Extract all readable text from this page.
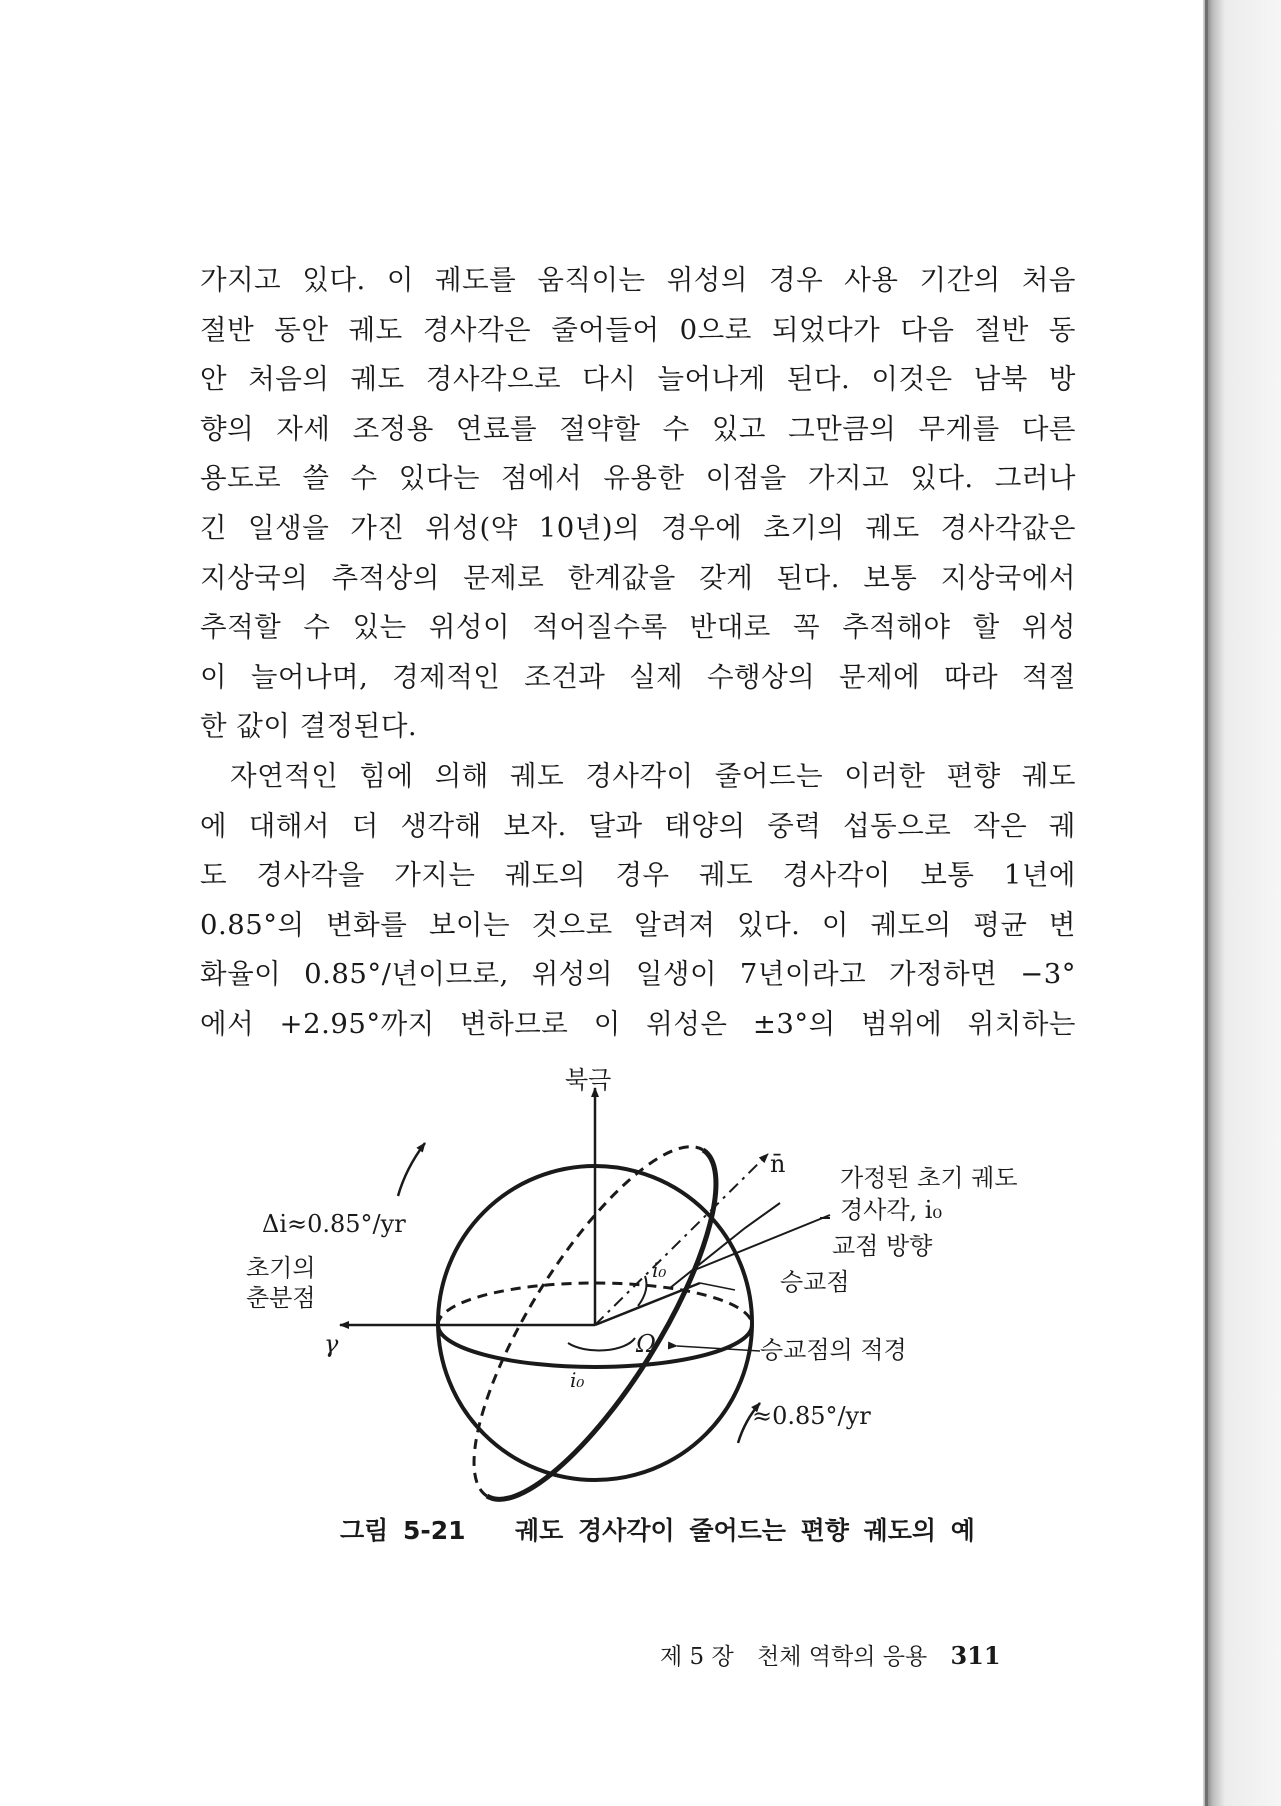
가지고 있다. 이 궤도를 움직이는 위성의 경우 사용 기간의 처음
절반 동안 궤도 경사각은 줄어들어 0으로 되었다가 다음 절반 동
안 처음의 궤도 경사각으로 다시 늘어나게 된다. 이것은 남북 방
향의 자세 조정용 연료를 절약할 수 있고 그만큼의 무게를 다른
용도로 쓸 수 있다는 점에서 유용한 이점을 가지고 있다. 그러나
긴 일생을 가진 위성(약 10년)의 경우에 초기의 궤도 경사각값은
지상국의 추적상의 문제로 한계값을 갖게 된다. 보통 지상국에서
추적할 수 있는 위성이 적어질수록 반대로 꼭 추적해야 할 위성
이 늘어나며, 경제적인 조건과 실제 수행상의 문제에 따라 적절
한 값이 결정된다.
자연적인 힘에 의해 궤도 경사각이 줄어드는 이러한 편향 궤도
에 대해서 더 생각해 보자. 달과 태양의 중력 섭동으로 작은 궤
도 경사각을 가지는 궤도의 경우 궤도 경사각이 보통 1년에
0.85°의 변화를 보이는 것으로 알려져 있다. 이 궤도의 평균 변
화율이 0.85°/년이므로, 위성의 일생이 7년이라고 가정하면 −3°
에서 +2.95°까지 변하므로 이 위성은 ±3°의 범위에 위치하는
북극
n̄ 가정된 초기 궤도
경사각, i₀
Δi≈0.85°/yr
초기의
춘분점
γ
교점 방향
승교점
i₀
Ω	승교점의 적경
i₀
≈0.85°/yr
그림 5-21 궤도 경사각이 줄어드는 편향 궤도의 예
제 5 장 천체 역학의 응용 311
